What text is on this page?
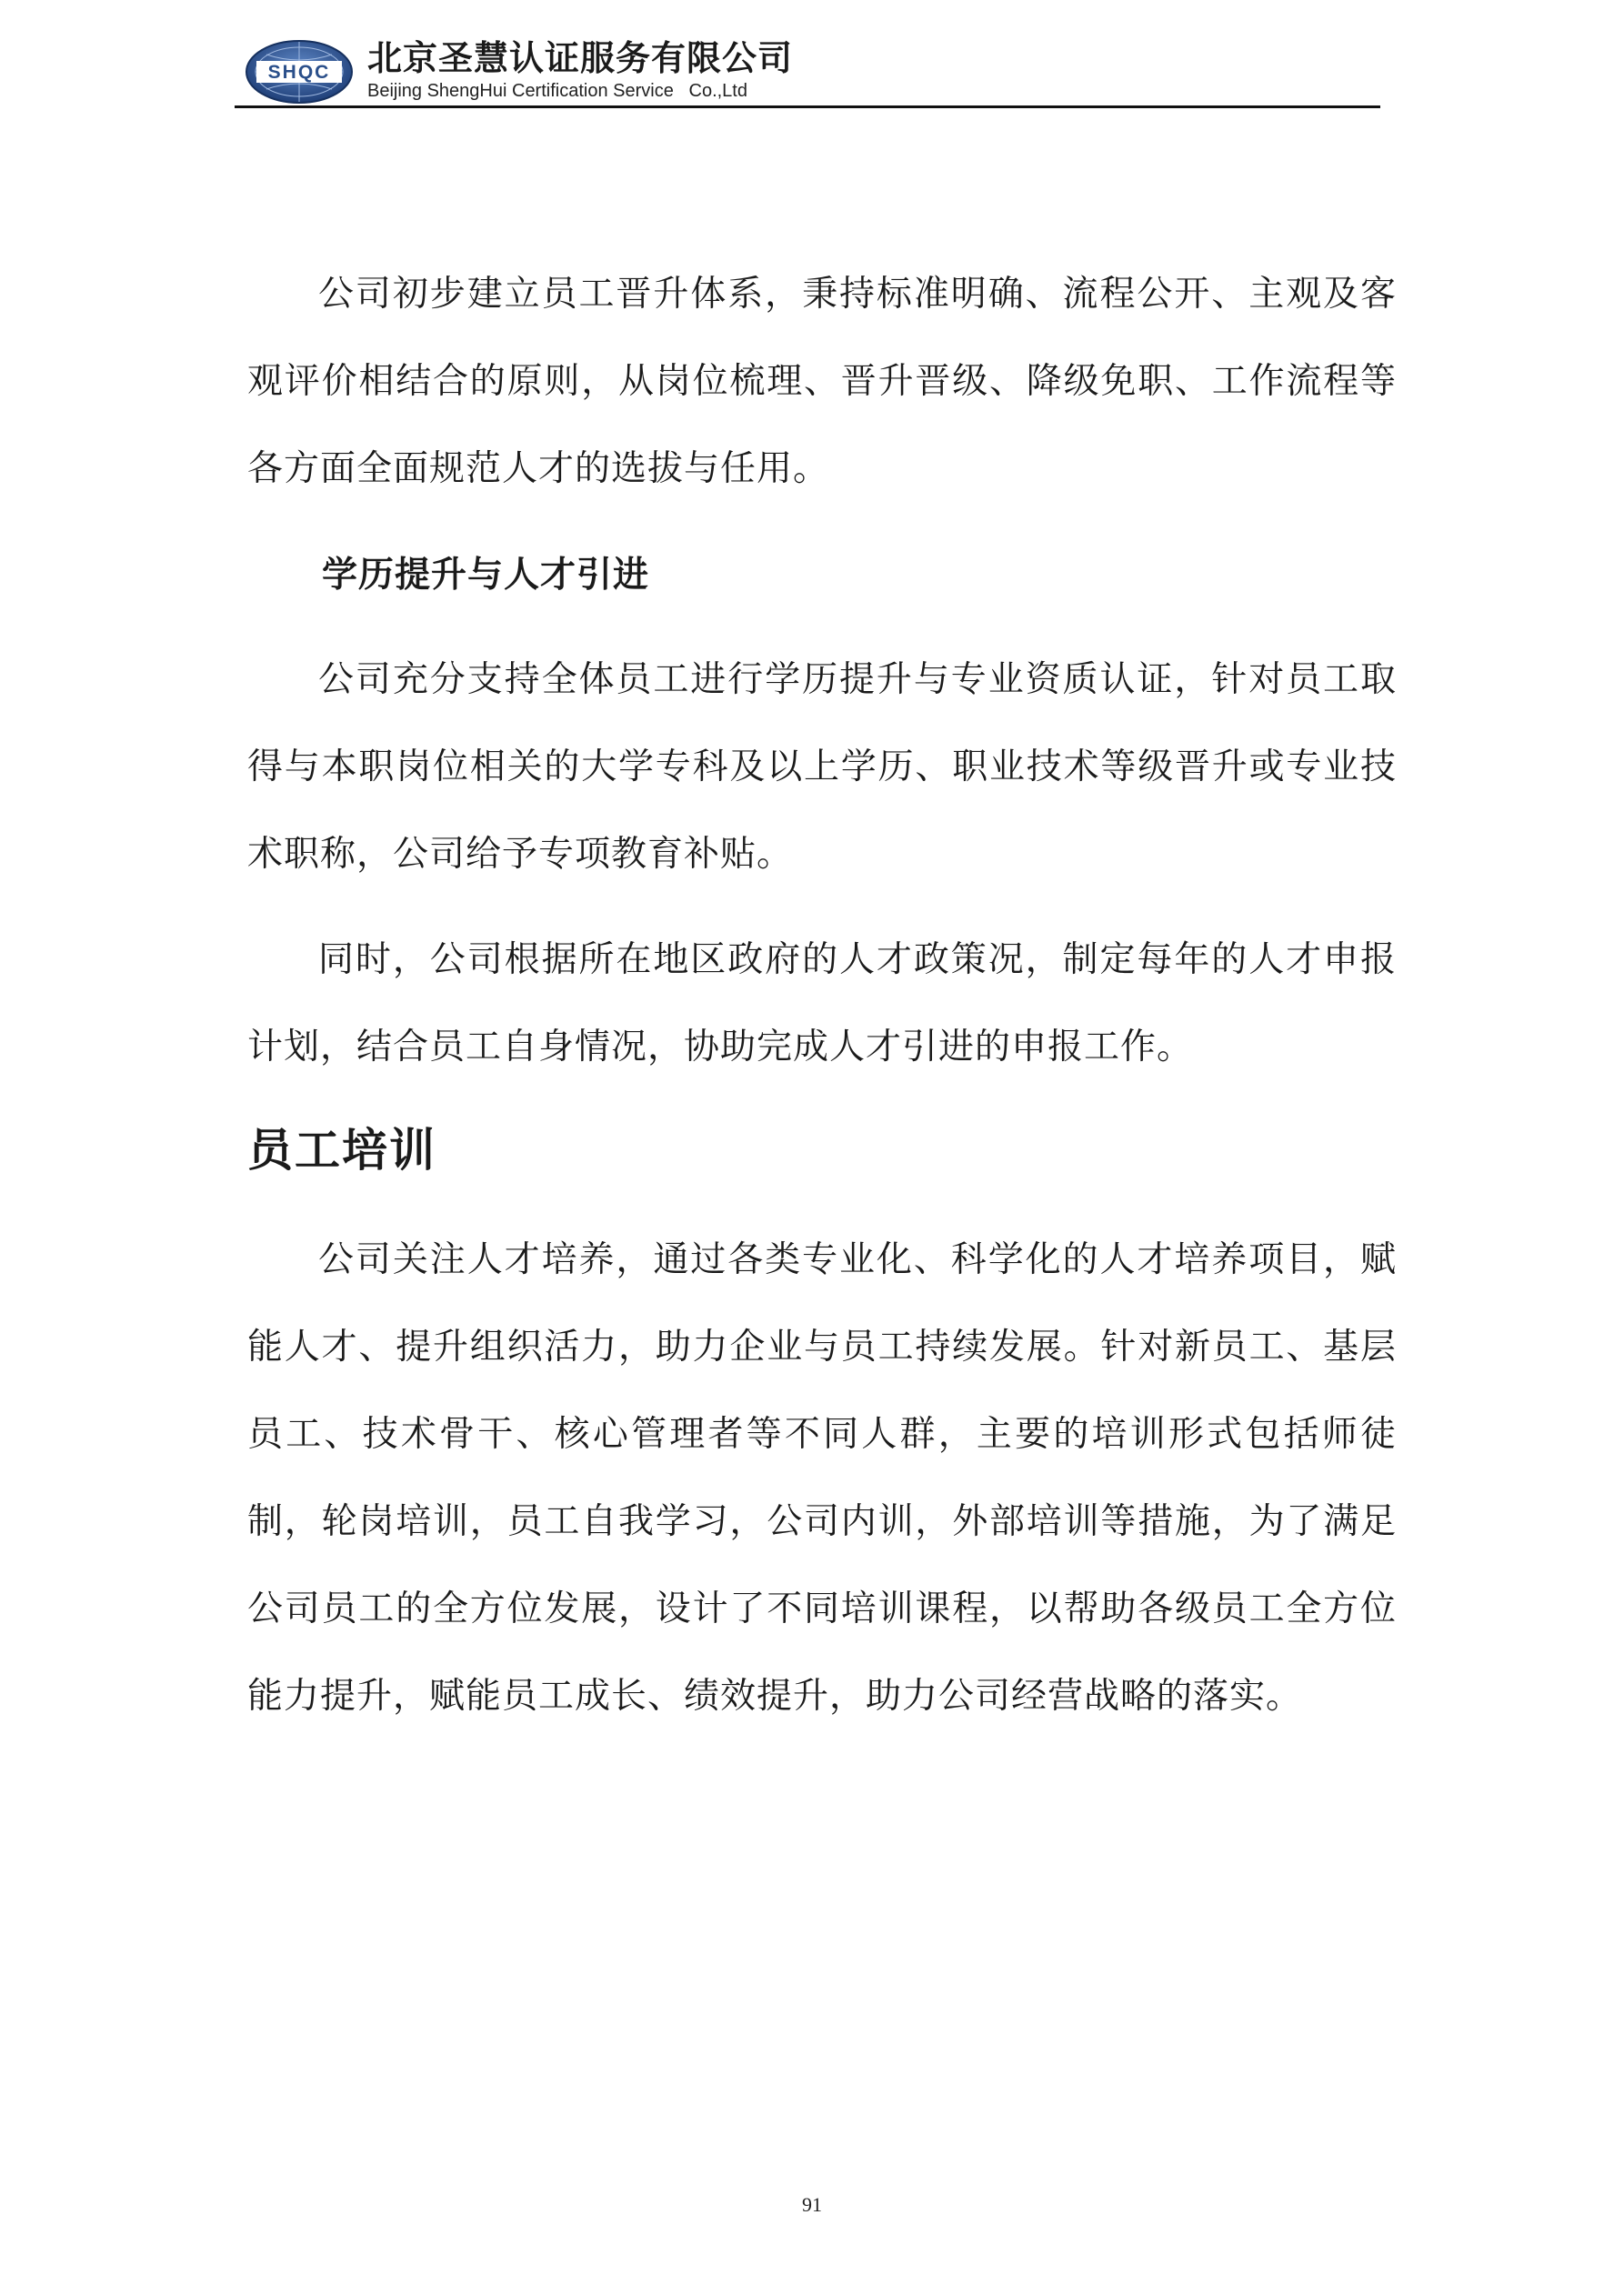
SHQC 北京圣慧认证服务有限公司
Beijing ShengHui Certification Service   Co.,Ltd

公司初步建立员工晋升体系，秉持标准明确、流程公开、主观及客观评价相结合的原则，从岗位梳理、晋升晋级、降级免职、工作流程等各方面全面规范人才的选拔与任用。

学历提升与人才引进

公司充分支持全体员工进行学历提升与专业资质认证，针对员工取得与本职岗位相关的大学专科及以上学历、职业技术等级晋升或专业技术职称，公司给予专项教育补贴。

同时，公司根据所在地区政府的人才政策况，制定每年的人才申报计划，结合员工自身情况，协助完成人才引进的申报工作。

员工培训

公司关注人才培养，通过各类专业化、科学化的人才培养项目，赋能人才、提升组织活力，助力企业与员工持续发展。针对新员工、基层员工、技术骨干、核心管理者等不同人群，主要的培训形式包括师徒制，轮岗培训，员工自我学习，公司内训，外部培训等措施，为了满足公司员工的全方位发展，设计了不同培训课程，以帮助各级员工全方位能力提升，赋能员工成长、绩效提升，助力公司经营战略的落实。

91
